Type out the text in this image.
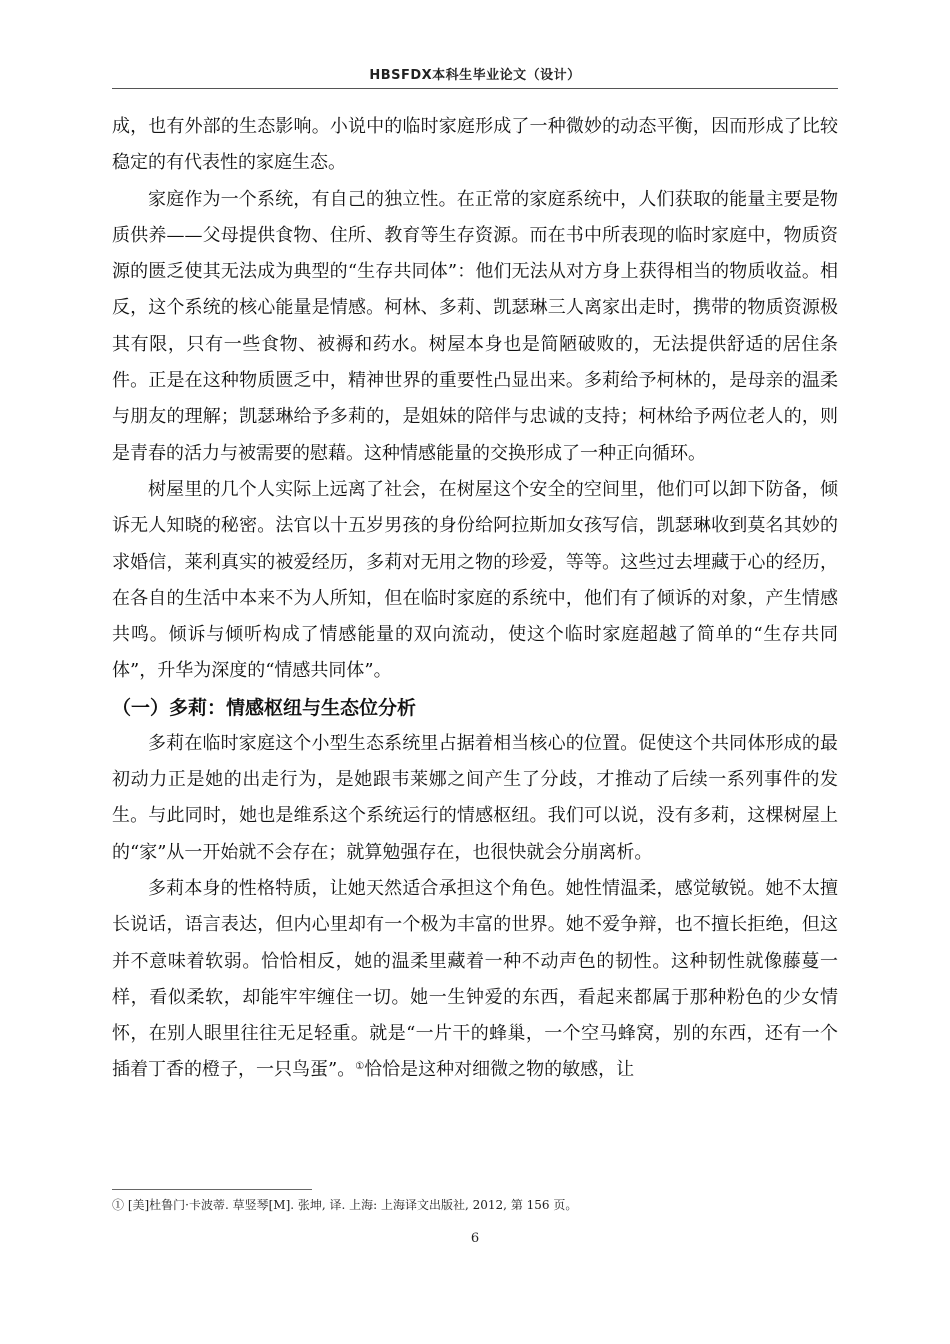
HBSFDX本科生毕业论文（设计）

成，也有外部的生态影响。小说中的临时家庭形成了一种微妙的动态平衡，因而形成了比较稳定的有代表性的家庭生态。

家庭作为一个系统，有自己的独立性。在正常的家庭系统中，人们获取的能量主要是物质供养——父母提供食物、住所、教育等生存资源。而在书中所表现的临时家庭中，物质资源的匮乏使其无法成为典型的“生存共同体”：他们无法从对方身上获得相当的物质收益。相反，这个系统的核心能量是情感。柯林、多莉、凯瑟琳三人离家出走时，携带的物质资源极其有限，只有一些食物、被褥和药水。树屋本身也是简陋破败的，无法提供舒适的居住条件。正是在这种物质匮乏中，精神世界的重要性凸显出来。多莉给予柯林的，是母亲的温柔与朋友的理解；凯瑟琳给予多莉的，是姐妹的陪伴与忠诚的支持；柯林给予两位老人的，则是青春的活力与被需要的慰藉。这种情感能量的交换形成了一种正向循环。

树屋里的几个人实际上远离了社会，在树屋这个安全的空间里，他们可以卸下防备，倾诉无人知晓的秘密。法官以十五岁男孩的身份给阿拉斯加女孩写信，凯瑟琳收到莫名其妙的求婚信，莱利真实的被爱经历，多莉对无用之物的珍爱，等等。这些过去埋藏于心的经历，在各自的生活中本来不为人所知，但在临时家庭的系统中，他们有了倾诉的对象，产生情感共鸣。倾诉与倾听构成了情感能量的双向流动，使这个临时家庭超越了简单的“生存共同体”，升华为深度的“情感共同体”。

（一）多莉：情感枢纽与生态位分析

多莉在临时家庭这个小型生态系统里占据着相当核心的位置。促使这个共同体形成的最初动力正是她的出走行为，是她跟韦莱娜之间产生了分歧，才推动了后续一系列事件的发生。与此同时，她也是维系这个系统运行的情感枢纽。我们可以说，没有多莉，这棵树屋上的“家”从一开始就不会存在；就算勉强存在，也很快就会分崩离析。

多莉本身的性格特质，让她天然适合承担这个角色。她性情温柔，感觉敏锐。她不太擅长说话，语言表达，但内心里却有一个极为丰富的世界。她不爱争辩，也不擅长拒绝，但这并不意味着软弱。恰恰相反，她的温柔里藏着一种不动声色的韧性。这种韧性就像藤蔓一样，看似柔软，却能牢牢缠住一切。她一生钟爱的东西，看起来都属于那种粉色的少女情怀，在别人眼里往往无足轻重。就是“一片干的蜂巢，一个空马蜂窝，别的东西，还有一个插着丁香的橙子，一只鸟蛋”。①恰恰是这种对细微之物的敏感，让

① [美]杜鲁门·卡波蒂. 草竖琴[M]. 张坤, 译. 上海: 上海译文出版社, 2012, 第 156 页。
6
